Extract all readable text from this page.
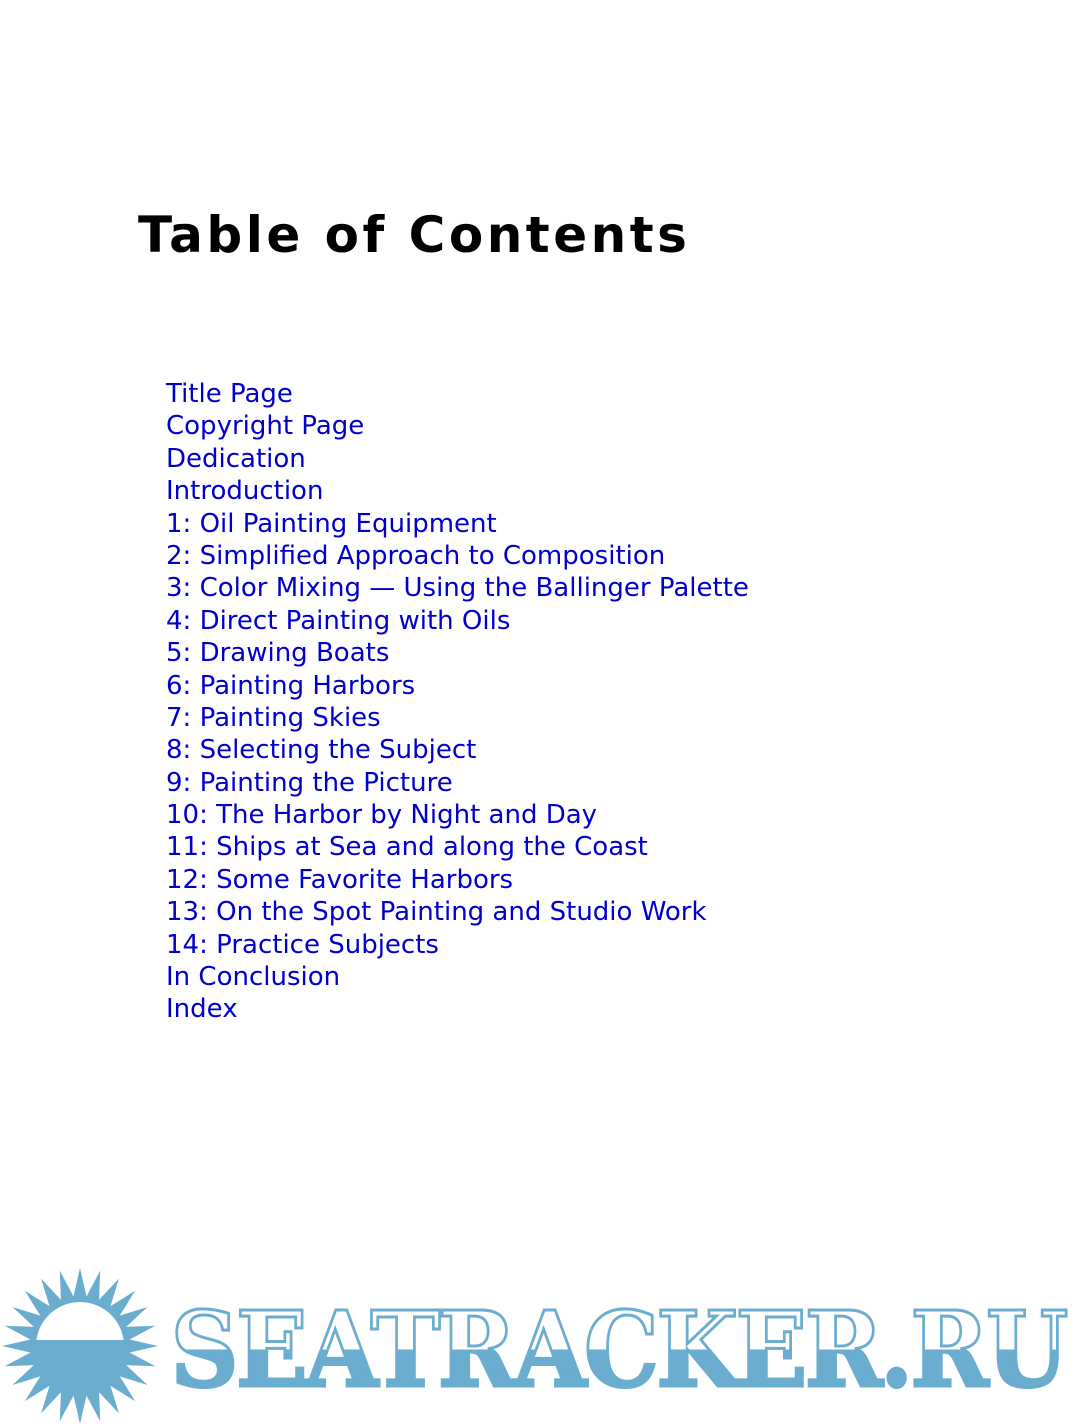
Table of Contents
Title Page
Copyright Page
Dedication
Introduction
1: Oil Painting Equipment
2: Simplified Approach to Composition
3: Color Mixing — Using the Ballinger Palette
4: Direct Painting with Oils
5: Drawing Boats
6: Painting Harbors
7: Painting Skies
8: Selecting the Subject
9: Painting the Picture
10: The Harbor by Night and Day
11: Ships at Sea and along the Coast
12: Some Favorite Harbors
13: On the Spot Painting and Studio Work
14: Practice Subjects
In Conclusion
Index
SEATRACKER.RU
